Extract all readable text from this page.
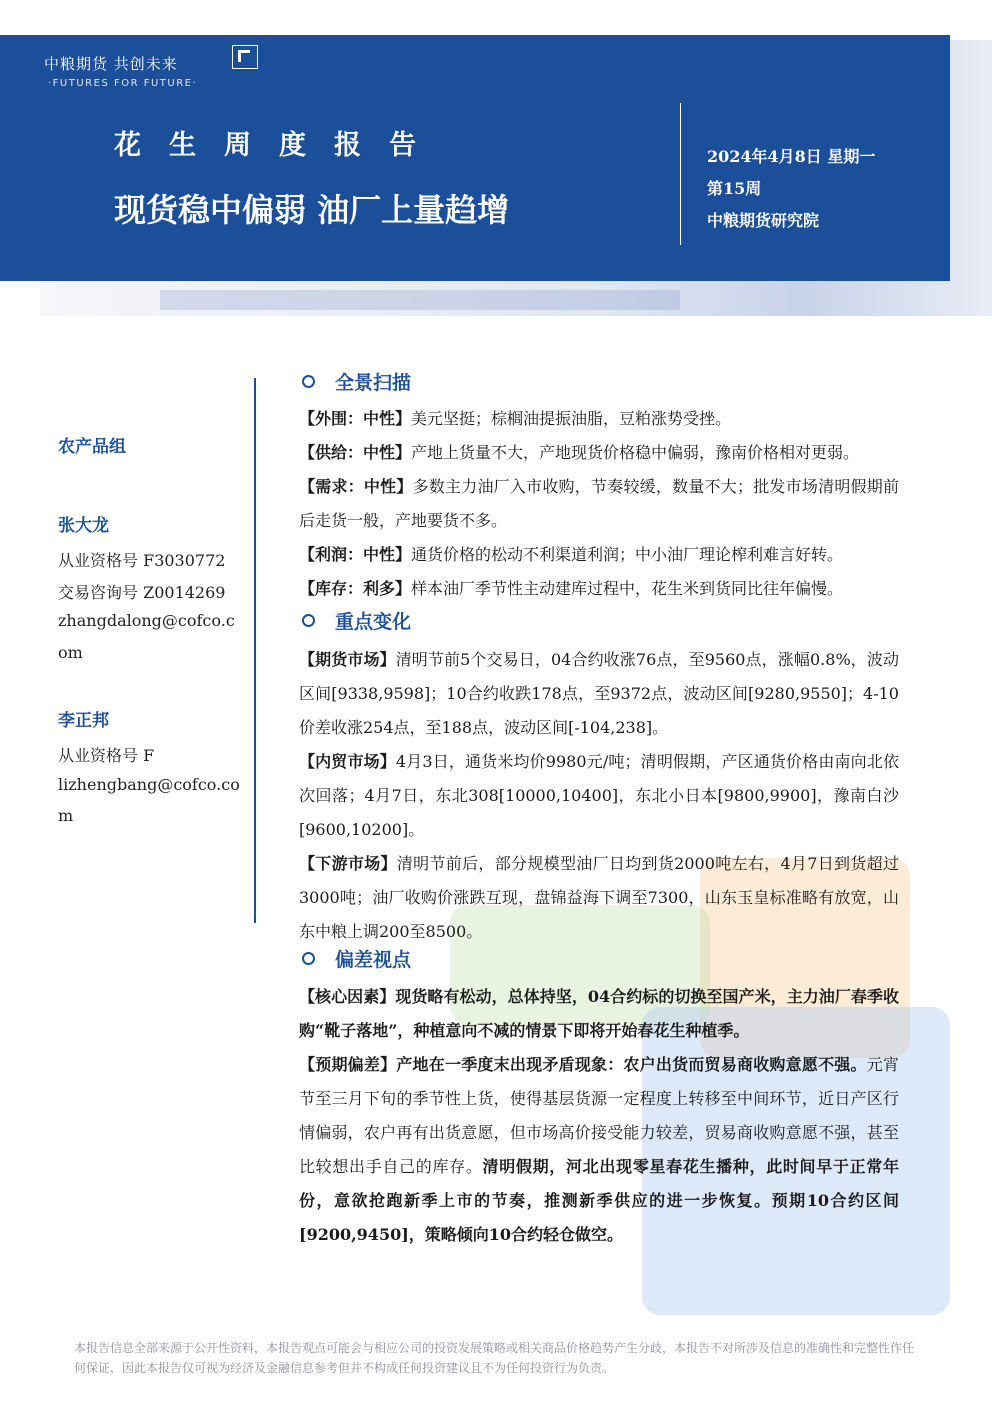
中粮期货 共创未来
·FUTURES FOR FUTURE·
花生周度报告
现货稳中偏弱 油厂上量趋增
2024年4月8日 星期一
第15周
中粮期货研究院
农产品组
张大龙
从业资格号 F3030772
交易咨询号 Z0014269
zhangdalong@cofco.c
om
李正邦
从业资格号 F
lizhengbang@cofco.co
m
全景扫描
【外围：中性】美元坚挺；棕榈油提振油脂，豆粕涨势受挫。
【供给：中性】产地上货量不大，产地现货价格稳中偏弱，豫南价格相对更弱。
【需求：中性】多数主力油厂入市收购，节奏较缓，数量不大；批发市场清明假期前后走货一般，产地要货不多。
【利润：中性】通货价格的松动不利渠道利润；中小油厂理论榨利难言好转。
【库存：利多】样本油厂季节性主动建库过程中，花生米到货同比往年偏慢。
重点变化
【期货市场】清明节前5个交易日，04合约收涨76点，至9560点，涨幅0.8%，波动区间[9338,9598]；10合约收跌178点，至9372点，波动区间[9280,9550]；4-10价差收涨254点，至188点，波动区间[-104,238]。
【内贸市场】4月3日，通货米均价9980元/吨；清明假期，产区通货价格由南向北依次回落；4月7日，东北308[10000,10400]，东北小日本[9800,9900]，豫南白沙[9600,10200]。
【下游市场】清明节前后，部分规模型油厂日均到货2000吨左右，4月7日到货超过3000吨；油厂收购价涨跌互现，盘锦益海下调至7300，山东玉皇标准略有放宽，山东中粮上调200至8500。
偏差视点
【核心因素】现货略有松动，总体持坚，04合约标的切换至国产米，主力油厂春季收购“靴子落地”，种植意向不减的情景下即将开始春花生种植季。
【预期偏差】产地在一季度末出现矛盾现象：农户出货而贸易商收购意愿不强。元宵节至三月下旬的季节性上货，使得基层货源一定程度上转移至中间环节，近日产区行情偏弱，农户再有出货意愿，但市场高价接受能力较差，贸易商收购意愿不强，甚至比较想出手自己的库存。清明假期，河北出现零星春花生播种，此时间早于正常年份，意欲抢跑新季上市的节奏，推测新季供应的进一步恢复。预期10合约区间[9200,9450]，策略倾向10合约轻仓做空。
本报告信息全部来源于公开性资料，本报告观点可能会与相应公司的投资发展策略或相关商品价格趋势产生分歧，本报告不对所涉及信息的准确性和完整性作任何保证，因此本报告仅可视为经济及金融信息参考但并不构成任何投资建议且不为任何投资行为负责。
